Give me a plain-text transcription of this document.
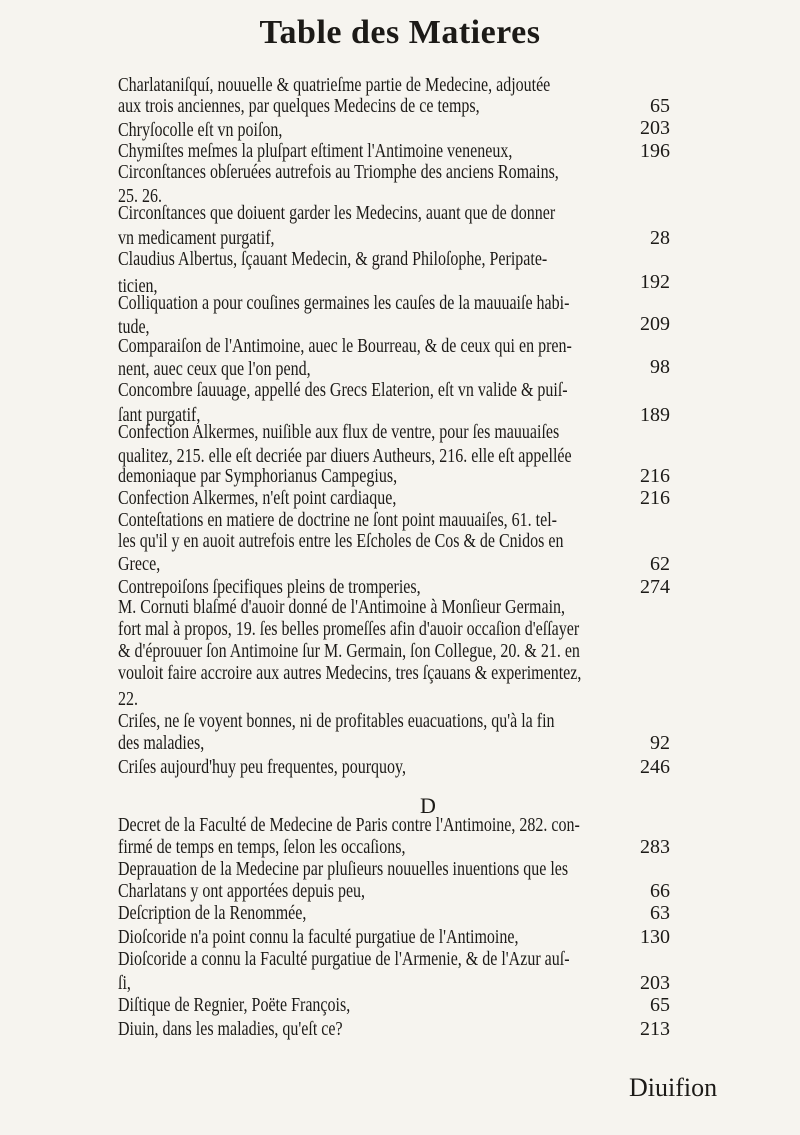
Table des Matieres
Charlataniſquí, nouuelle & quatrieſme partie de Medecine, adjoutée
aux trois anciennes, par quelques Medecins de ce temps,
Chryſocolle eſt vn poiſon,
Chymiſtes meſmes la pluſpart eſtiment l'Antimoine veneneux,
Circonſtances obſeruées autrefois au Triomphe des anciens Romains,
25. 26.
Circonſtances que doiuent garder les Medecins, auant que de donner
vn medicament purgatif,
Claudius Albertus, ſçauant Medecin, & grand Philoſophe, Peripate-
ticien,
Colliquation a pour couſines germaines les cauſes de la mauuaiſe habi-
tude,
Comparaiſon de l'Antimoine, auec le Bourreau, & de ceux qui en pren-
nent, auec ceux que l'on pend,
Concombre ſauuage, appellé des Grecs Elaterion, eſt vn valide & puiſ-
ſant purgatif,
Confection Alkermes, nuiſible aux flux de ventre, pour ſes mauuaiſes
qualitez, 215. elle eſt decriée par diuers Autheurs, 216. elle eſt appellée
demoniaque par Symphorianus Campegius,
Confection Alkermes, n'eſt point cardiaque,
Conteſtations en matiere de doctrine ne ſont point mauuaiſes, 61. tel-
les qu'il y en auoit autrefois entre les Eſcholes de Cos & de Cnidos en
Grece,
Contrepoiſons ſpecifiques pleins de tromperies,
M. Cornuti blaſmé d'auoir donné de l'Antimoine à Monſieur Germain,
fort mal à propos, 19. ſes belles promeſſes afin d'auoir occaſion d'eſſayer
& d'éprouuer ſon Antimoine ſur M. Germain, ſon Collegue, 20. & 21. en
vouloit faire accroire aux autres Medecins, tres ſçauans & experimentez,
22.
Criſes, ne ſe voyent bonnes, ni de profitables euacuations, qu'à la fin
des maladies,
Criſes aujourd'huy peu frequentes, pourquoy,
Decret de la Faculté de Medecine de Paris contre l'Antimoine, 282. con-
firmé de temps en temps, ſelon les occaſions,
Deprauation de la Medecine par pluſieurs nouuelles inuentions que les
Charlatans y ont apportées depuis peu,
Deſcription de la Renommée,
Dioſcoride n'a point connu la faculté purgatiue de l'Antimoine,
Dioſcoride a connu la Faculté purgatiue de l'Armenie, & de l'Azur auſ-
ſi,
Diſtique de Regnier, Poëte François,
Diuin, dans les maladies, qu'eſt ce?
65
203
196
28
192
209
98
189
216
216
62
274
92
246
283
66
63
130
203
65
213
D
Diuifion
